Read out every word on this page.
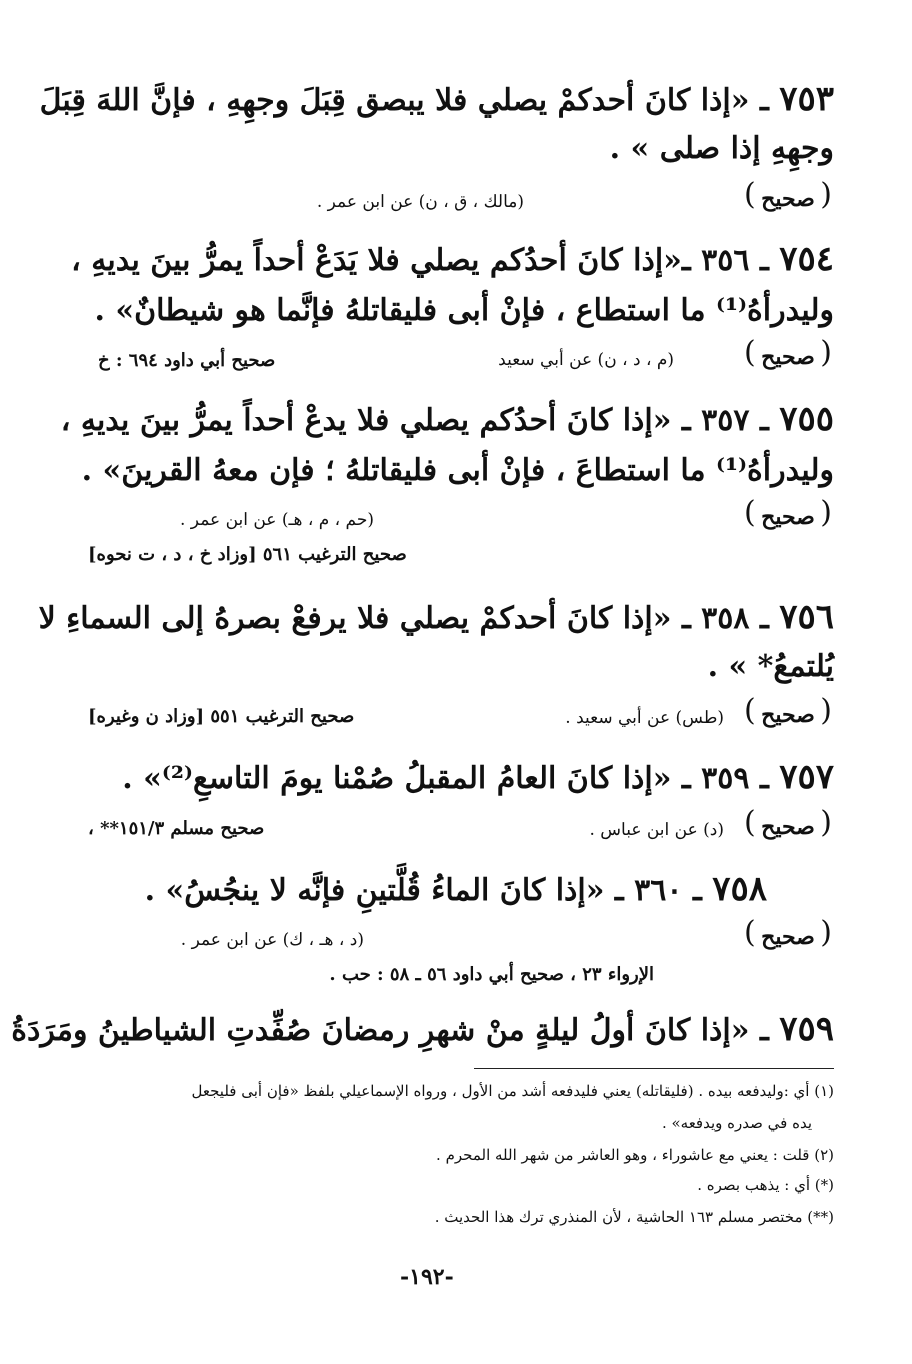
٧٥٣ ـ «إذا كانَ أحدكمْ يصلي فلا يبصق قِبَلَ وجهِهِ ، فإنَّ اللهَ قِبَلَ
وجهِهِ إذا صلى » .
( صحيح )
(مالك ، ق ، ن) عن ابن عمر .
٧٥٤ ـ ٣٥٦ ـ«إذا كانَ أحدُكم يصلي فلا يَدَعْ أحداً يمرُّ بينَ يديهِ ،
وليدرأهُ⁽¹⁾ ما استطاع ، فإنْ أبى فليقاتلهُ فإنَّما هو شيطانٌ» .
( صحيح )
(م ، د ، ن) عن أبي سعيد
صحيح أبي داود ٦٩٤ : خ
٧٥٥ ـ ٣٥٧ ـ «إذا كانَ أحدُكم يصلي فلا يدعْ أحداً يمرُّ بينَ يديهِ ،
وليدرأهُ⁽¹⁾ ما استطاعَ ، فإنْ أبى فليقاتلهُ ؛ فإن معهُ القرينَ» .
( صحيح )
(حم ، م ، هـ) عن ابن عمر .
صحيح الترغيب ٥٦١ [وزاد خ ، د ، ت نحوه]
٧٥٦ ـ ٣٥٨ ـ «إذا كانَ أحدكمْ يصلي فلا يرفعْ بصرهُ إلى السماءِ لا
يُلتمعُ* » .
( صحيح )
(طس) عن أبي سعيد .
صحيح الترغيب ٥٥١ [وزاد ن وغيره]
٧٥٧ ـ ٣٥٩ ـ «إذا كانَ العامُ المقبلُ صُمْنا يومَ التاسعِ⁽²⁾» .
( صحيح )
(د) عن ابن عباس .
صحيح مسلم ١٥١/٣** ،
٧٥٨ ـ ٣٦٠ ـ «إذا كانَ الماءُ قُلَّتينِ فإنَّه لا ينجُسُ» .
( صحيح )
(د ، هـ ، ك) عن ابن عمر .
الإرواء ٢٣ ، صحيح أبي داود ٥٦ ـ ٥٨ : حب .
٧٥٩ ـ «إذا كانَ أولُ ليلةٍ منْ شهرِ رمضانَ صُفِّدتِ الشياطينُ ومَرَدَةُ
(١) أي :وليدفعه بيده . (فليقاتله) يعني فليدفعه أشد من الأول ، ورواه الإسماعيلي بلفظ «فإن أبى فليجعل
يده في صدره ويدفعه» .
(٢) قلت : يعني مع عاشوراء ، وهو العاشر من شهر الله المحرم .
(*) أي : يذهب بصره .
(**) مختصر مسلم ١٦٣ الحاشية ، لأن المنذري ترك هذا الحديث .
-١٩٢-
